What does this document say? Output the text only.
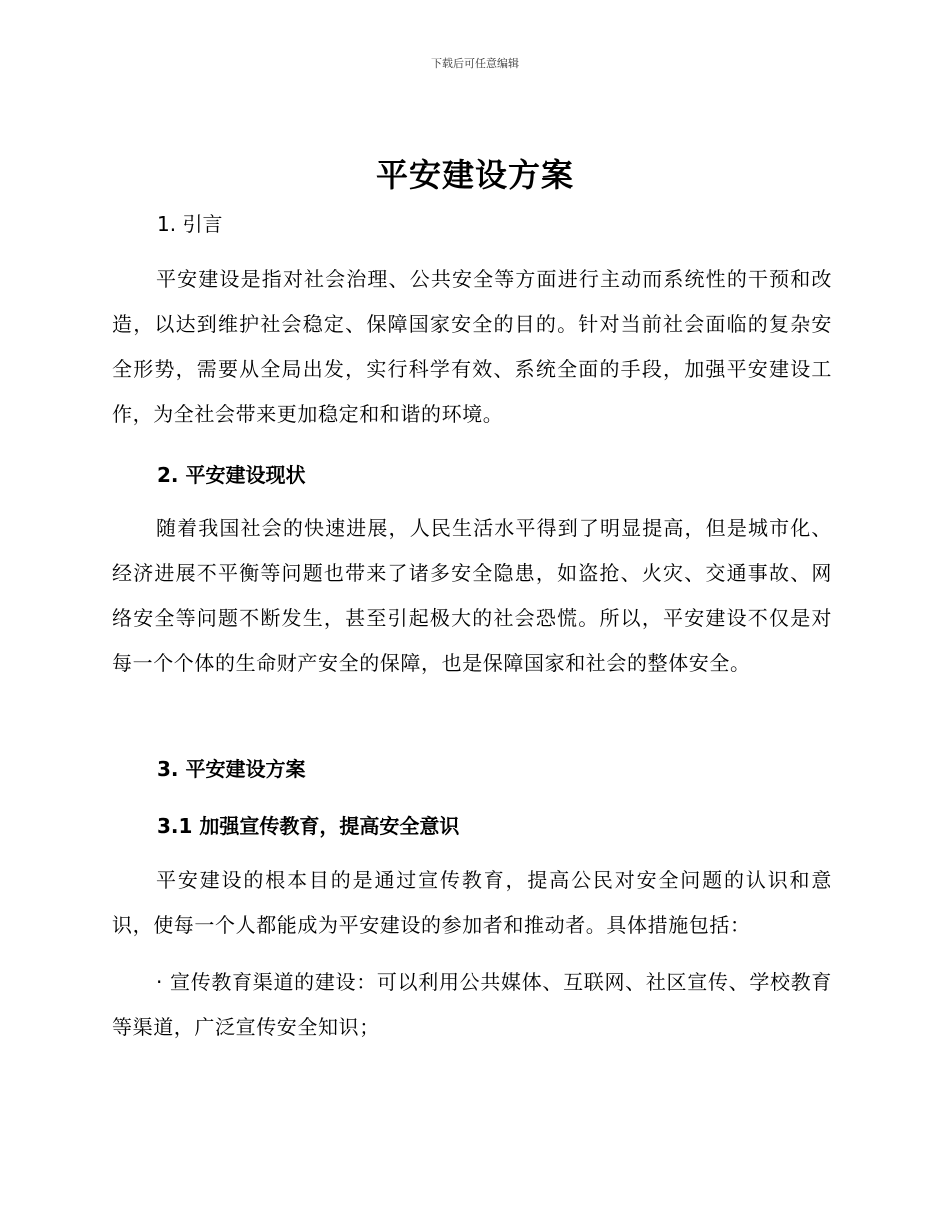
下载后可任意编辑
平安建设方案
1. 引言
平安建设是指对社会治理、公共安全等方面进行主动而系统性的干预和改造，以达到维护社会稳定、保障国家安全的目的。针对当前社会面临的复杂安全形势，需要从全局出发，实行科学有效、系统全面的手段，加强平安建设工作，为全社会带来更加稳定和和谐的环境。
2. 平安建设现状
随着我国社会的快速进展，人民生活水平得到了明显提高，但是城市化、经济进展不平衡等问题也带来了诸多安全隐患，如盗抢、火灾、交通事故、网络安全等问题不断发生，甚至引起极大的社会恐慌。所以，平安建设不仅是对每一个个体的生命财产安全的保障，也是保障国家和社会的整体安全。
3. 平安建设方案
3.1 加强宣传教育，提高安全意识
平安建设的根本目的是通过宣传教育，提高公民对安全问题的认识和意识，使每一个人都能成为平安建设的参加者和推动者。具体措施包括：
· 宣传教育渠道的建设：可以利用公共媒体、互联网、社区宣传、学校教育等渠道，广泛宣传安全知识；
